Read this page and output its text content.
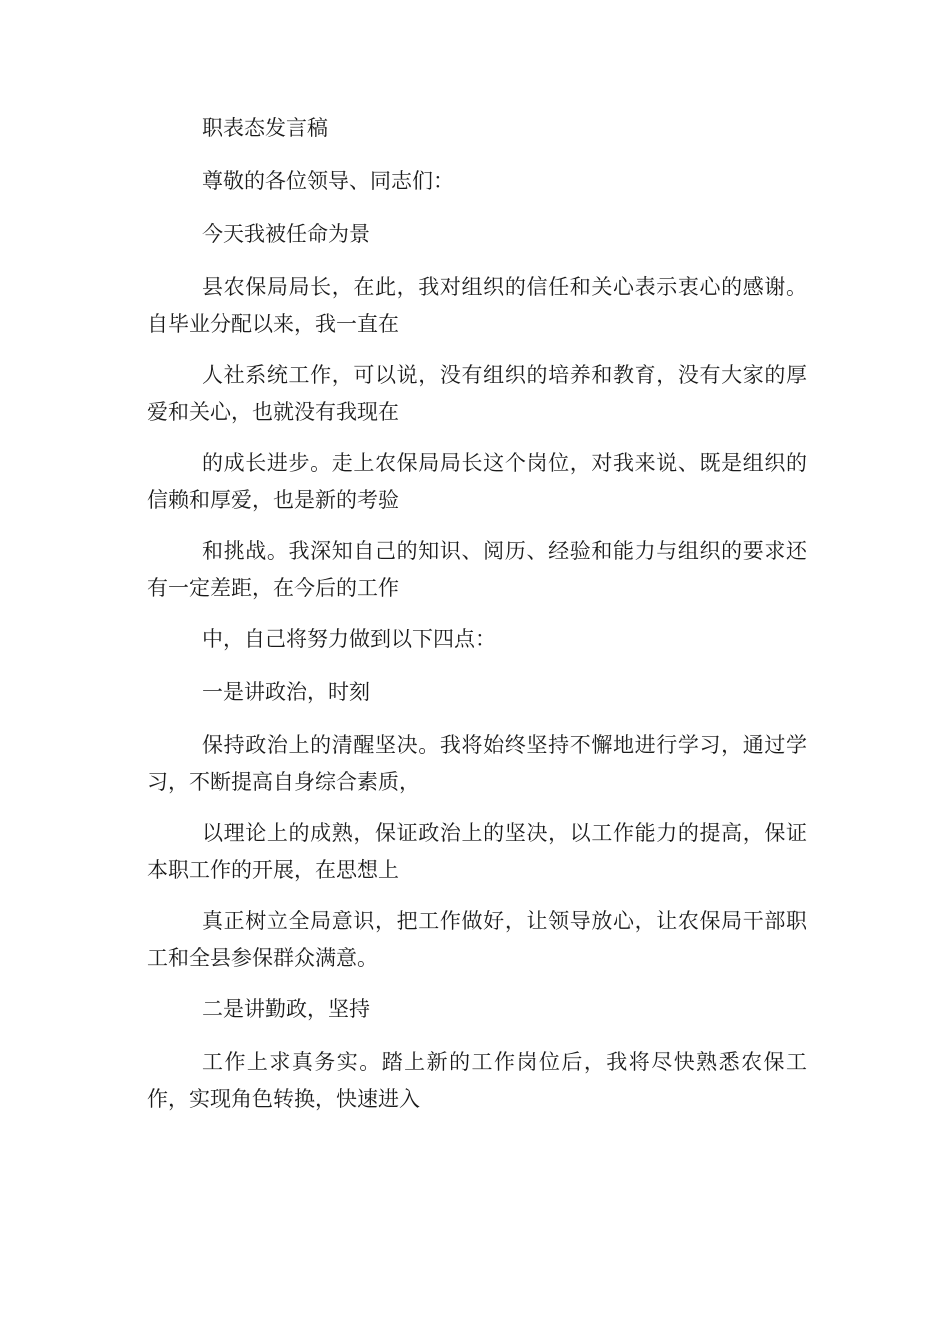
职表态发言稿

尊敬的各位领导、同志们：

今天我被任命为景

县农保局局长，在此，我对组织的信任和关心表示衷心的感谢。自毕业分配以来，我一直在

人社系统工作，可以说，没有组织的培养和教育，没有大家的厚爱和关心，也就没有我现在

的成长进步。走上农保局局长这个岗位，对我来说、既是组织的信赖和厚爱，也是新的考验

和挑战。我深知自己的知识、阅历、经验和能力与组织的要求还有一定差距，在今后的工作

中，自己将努力做到以下四点：

一是讲政治，时刻

保持政治上的清醒坚决。我将始终坚持不懈地进行学习，通过学习，不断提高自身综合素质，

以理论上的成熟，保证政治上的坚决，以工作能力的提高，保证本职工作的开展，在思想上

真正树立全局意识，把工作做好，让领导放心，让农保局干部职工和全县参保群众满意。

二是讲勤政，坚持

工作上求真务实。踏上新的工作岗位后，我将尽快熟悉农保工作，实现角色转换，快速进入
